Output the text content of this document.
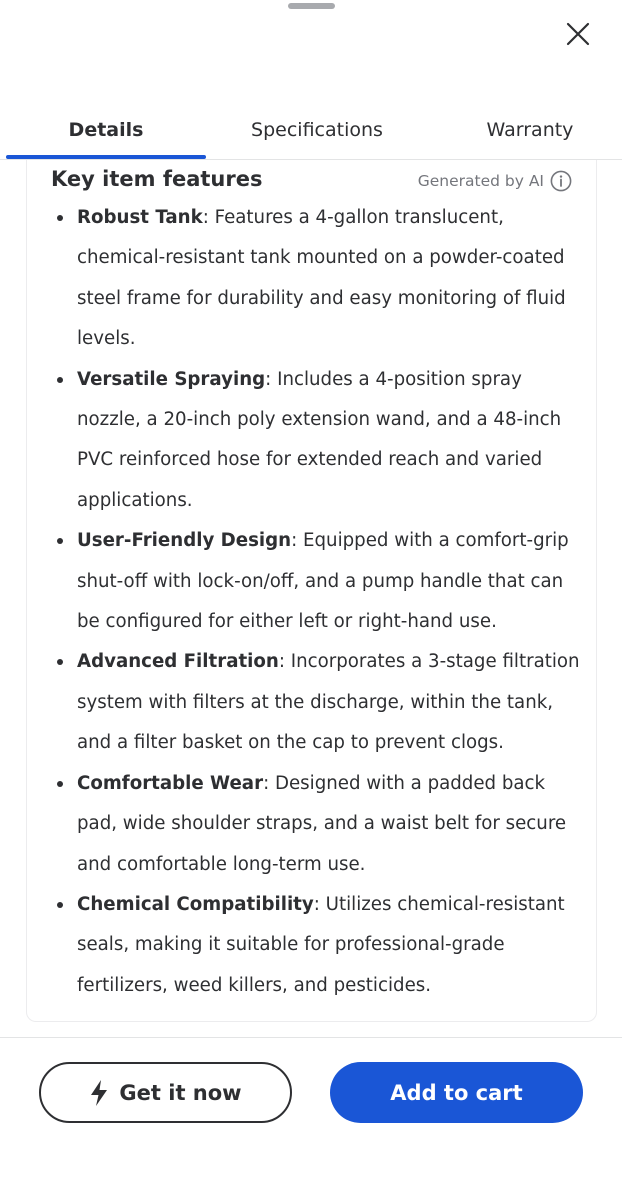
Details	Specifications	Warranty
Key item features	Generated by AI
Robust Tank: Features a 4-gallon translucent, chemical-resistant tank mounted on a powder-coated steel frame for durability and easy monitoring of fluid levels.
Versatile Spraying: Includes a 4-position spray nozzle, a 20-inch poly extension wand, and a 48-inch PVC reinforced hose for extended reach and varied applications.
User-Friendly Design: Equipped with a comfort-grip shut-off with lock-on/off, and a pump handle that can be configured for either left or right-hand use.
Advanced Filtration: Incorporates a 3-stage filtration system with filters at the discharge, within the tank, and a filter basket on the cap to prevent clogs.
Comfortable Wear: Designed with a padded back pad, wide shoulder straps, and a waist belt for secure and comfortable long-term use.
Chemical Compatibility: Utilizes chemical-resistant seals, making it suitable for professional-grade fertilizers, weed killers, and pesticides.
Get it now	Add to cart
